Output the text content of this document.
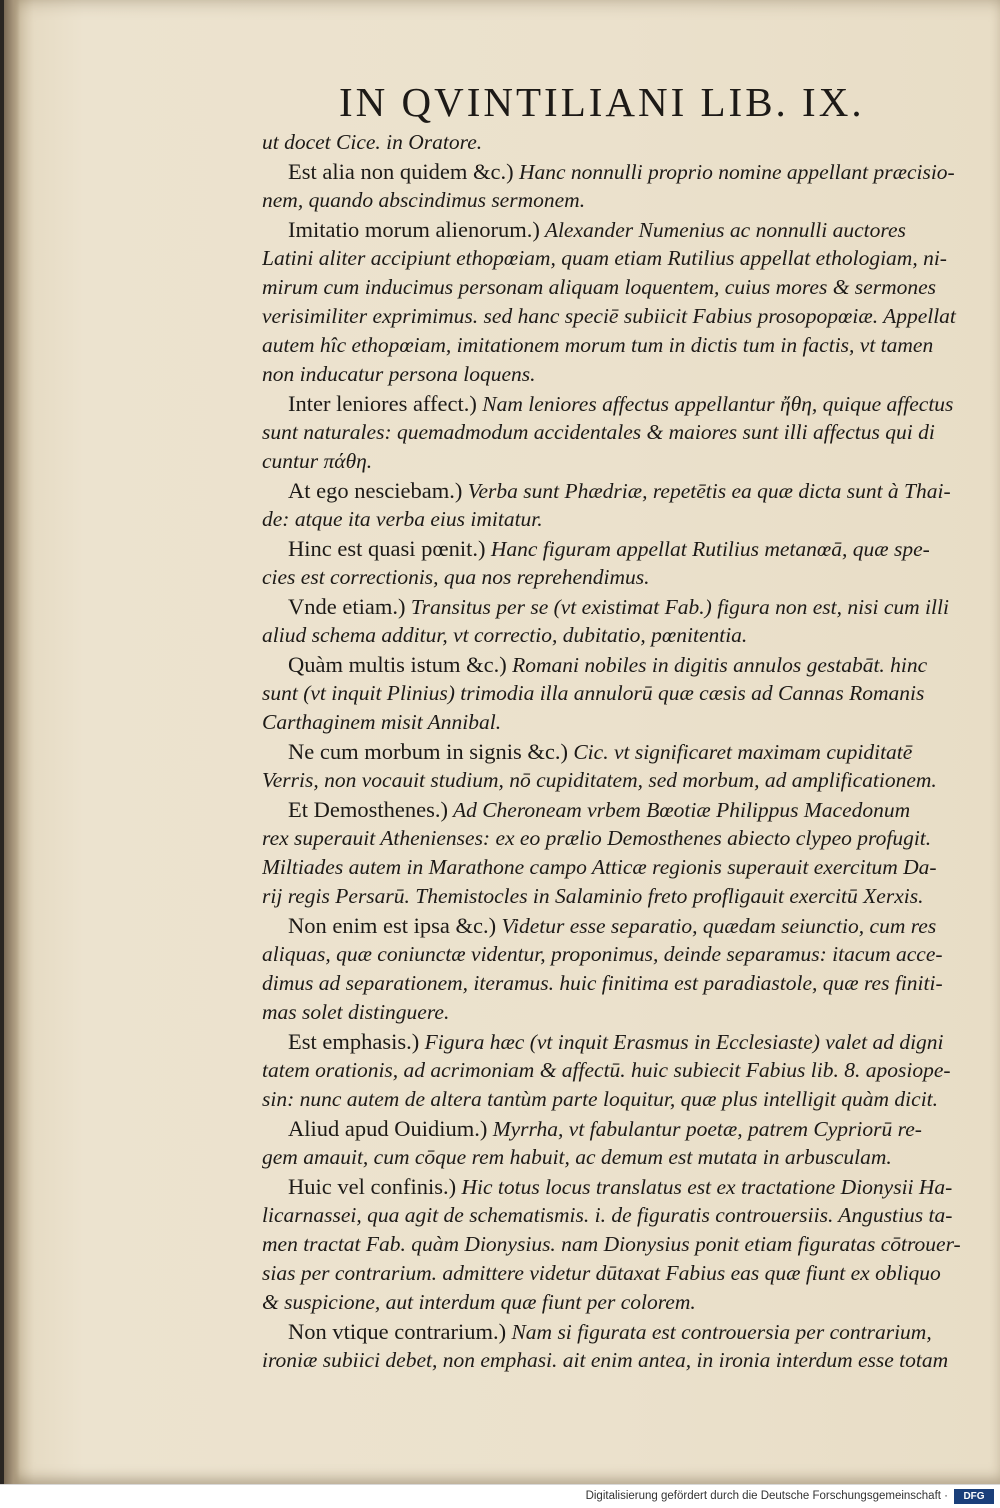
IN QVINTILIANI LIB. IX.
ut docet Cice. in Oratore.
Est alia non quidem &c.) Hanc nonnulli proprio nomine appellant præcisio-
nem, quando abscindimus sermonem.
Imitatio morum alienorum.) Alexander Numenius ac nonnulli auctores
Latini aliter accipiunt ethopœiam, quam etiam Rutilius appellat ethologiam, ni-
mirum cum inducimus personam aliquam loquentem, cuius mores & sermones
verisimiliter exprimimus. sed hanc speciē subiicit Fabius prosopopœiæ. Appellat
autem hîc ethopœiam, imitationem morum tum in dictis tum in factis, vt tamen
non inducatur persona loquens.
Inter leniores affect.) Nam leniores affectus appellantur ἤθη, quique affectus
sunt naturales: quemadmodum accidentales & maiores sunt illi affectus qui di
cuntur πάθη.
At ego nesciebam.) Verba sunt Phædriæ, repetētis ea quæ dicta sunt à Thai-
de: atque ita verba eius imitatur.
Hinc est quasi pœnit.) Hanc figuram appellat Rutilius metanœā, quæ spe-
cies est correctionis, qua nos reprehendimus.
Vnde etiam.) Transitus per se (vt existimat Fab.) figura non est, nisi cum illi
aliud schema additur, vt correctio, dubitatio, pœnitentia.
Quàm multis istum &c.) Romani nobiles in digitis annulos gestabāt. hinc
sunt (vt inquit Plinius) trimodia illa annulorū quæ cæsis ad Cannas Romanis
Carthaginem misit Annibal.
Ne cum morbum in signis &c.) Cic. vt significaret maximam cupiditatē
Verris, non vocauit studium, nō cupiditatem, sed morbum, ad amplificationem.
Et Demosthenes.) Ad Cheroneam vrbem Bœotiæ Philippus Macedonum
rex superauit Athenienses: ex eo prælio Demosthenes abiecto clypeo profugit.
Miltiades autem in Marathone campo Atticæ regionis superauit exercitum Da-
rij regis Persarū. Themistocles in Salaminio freto profligauit exercitū Xerxis.
Non enim est ipsa &c.) Videtur esse separatio, quædam seiunctio, cum res
aliquas, quæ coniunctæ videntur, proponimus, deinde separamus: itacum acce-
dimus ad separationem, iteramus. huic finitima est paradiastole, quæ res finiti-
mas solet distinguere.
Est emphasis.) Figura hæc (vt inquit Erasmus in Ecclesiaste) valet ad digni
tatem orationis, ad acrimoniam & affectū. huic subiecit Fabius lib. 8. aposiope-
sin: nunc autem de altera tantùm parte loquitur, quæ plus intelligit quàm dicit.
Aliud apud Ouidium.) Myrrha, vt fabulantur poetæ, patrem Cypriorū re-
gem amauit, cum cōque rem habuit, ac demum est mutata in arbusculam.
Huic vel confinis.) Hic totus locus translatus est ex tractatione Dionysii Ha-
licarnassei, qua agit de schematismis. i. de figuratis controuersiis. Angustius ta-
men tractat Fab. quàm Dionysius. nam Dionysius ponit etiam figuratas cōtrouer-
sias per contrarium. admittere videtur dūtaxat Fabius eas quæ fiunt ex obliquo
& suspicione, aut interdum quæ fiunt per colorem.
Non vtique contrarium.) Nam si figurata est controuersia per contrarium,
ironiæ subiici debet, non emphasi. ait enim antea, in ironia interdum esse totam
Digitalisierung gefördert durch die Deutsche Forschungsgemeinschaft ·	DFG
